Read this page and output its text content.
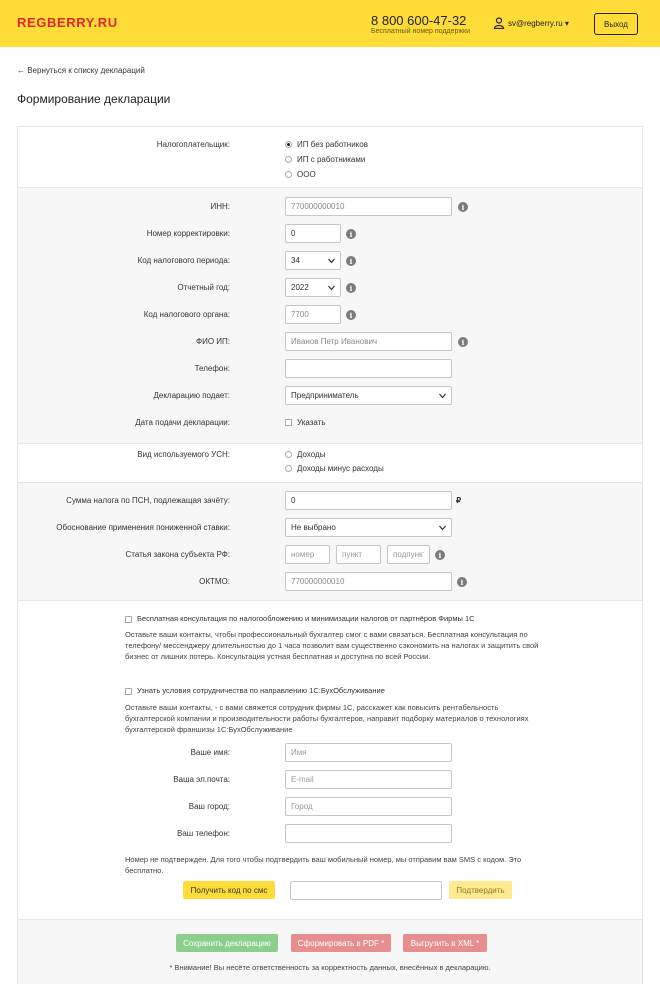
REGBERRY.RU	8 800 600-47-32
Бесплатный номер поддержки
sv@regberry.ru ▾	Выход
← Вернуться к списку деклараций
Формирование декларации
Налогоплательщик:	ИП без работников
ИП с работниками
ООО
ИНН:
770000000010	i
Номер корректировки:
0	i
Код налогового периода:	34	i
Отчетный год:	2022	i
Код налогового органа:
7700	i
ФИО ИП:
Иванов Петр Иванович	i
Телефон:
Декларацию подает:	Предприниматель
Дата подачи декларации:	Указать
Вид используемого УСН:	Доходы
Доходы минус расходы
Сумма налога по ПСН, подлежащая зачёту:
0	₽
Обоснование применения пониженной ставки:	Не выбрано
Статья закона субъекта РФ:
номер
пункт
подпункт	i
ОКТМО:
770000000010	i
Бесплатная консультация по налогообложению и минимизации налогов от партнёров Фирмы 1С
Оставьте ваши контакты, чтобы профессиональный бухгалтер смог с вами связаться. Бесплатная консультация по телефону/ мессенджеру длительностью до 1 часа позволит вам существенно сэкономить на налогах и защитить свой бизнес от лишних потерь. Консультация устная бесплатная и доступна по всей России.
Узнать условия сотрудничества по направлению 1С:БухОбслуживание
Оставьте ваши контакты, - с вами свяжется сотрудник фирмы 1С, расскажет как повысить рентабельность бухгалтерской компании и производительности работы бухгалтеров, направит подборку материалов о технологиях бухгалтерской франшизы 1С:БухОбслуживание
Ваше имя:
Имя
Ваша эл.почта:
E-mail
Ваш город:
Город
Ваш телефон:
Номер не подтвержден. Для того чтобы подтвердить ваш мобильный номер, мы отправим вам SMS с кодом. Это бесплатно.
Получить код по смс	Подтвердить
Сохранить декларацию	Сформировать в PDF *	Выгрузить в XML *
* Внимание! Вы несёте ответственность за корректность данных, внесённых в декларацию.
